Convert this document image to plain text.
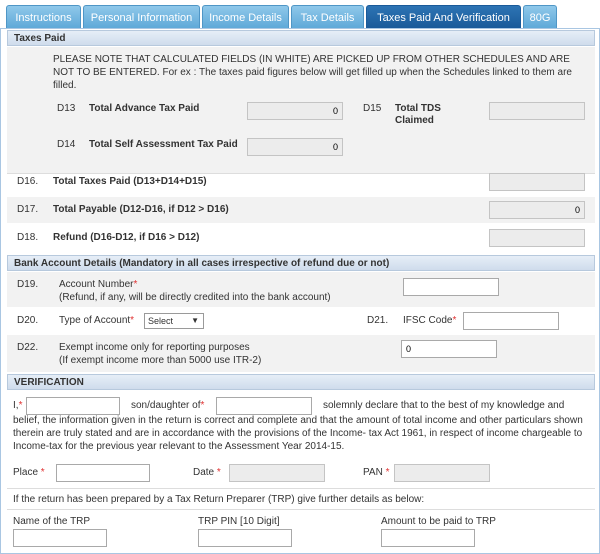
Instructions	Personal Information	Income Details	Tax Details	Taxes Paid And Verification	80G
Taxes Paid
PLEASE NOTE THAT CALCULATED FIELDS (IN WHITE) ARE PICKED UP FROM OTHER SCHEDULES AND ARE NOT TO BE ENTERED. For ex : The taxes paid figures below will get filled up when the Schedules linked to them are filled.
D13 Total Advance Tax Paid	0	D15 Total TDS Claimed
D14 Total Self Assessment Tax Paid	0
D16. Total Taxes Paid (D13+D14+D15)
D17. Total Payable (D12-D16, if D12 > D16)	0
D18. Refund (D16-D12, if D16 > D12)
Bank Account Details (Mandatory in all cases irrespective of refund due or not)
D19. Account Number*
(Refund, if any, will be directly credited into the bank account)
D20. Type of Account*	Select ▼	D21. IFSC Code*
D22. Exempt income only for reporting purposes
(If exempt income more than 5000 use ITR-2)
0
VERIFICATION
I,*	son/daughter of*	solemnly declare that to the best of my knowledge and
belief, the information given in the return is correct and complete and that the amount of total income and other particulars shown therein are truly stated and are in accordance with the provisions of the Income- tax Act 1961, in respect of income chargeable to Income-tax for the previous year relevant to the Assessment Year 2014-15.
Place *	Date *	PAN *
If the return has been prepared by a Tax Return Preparer (TRP) give further details as below:
Name of the TRP	TRP PIN [10 Digit]	Amount to be paid to TRP
